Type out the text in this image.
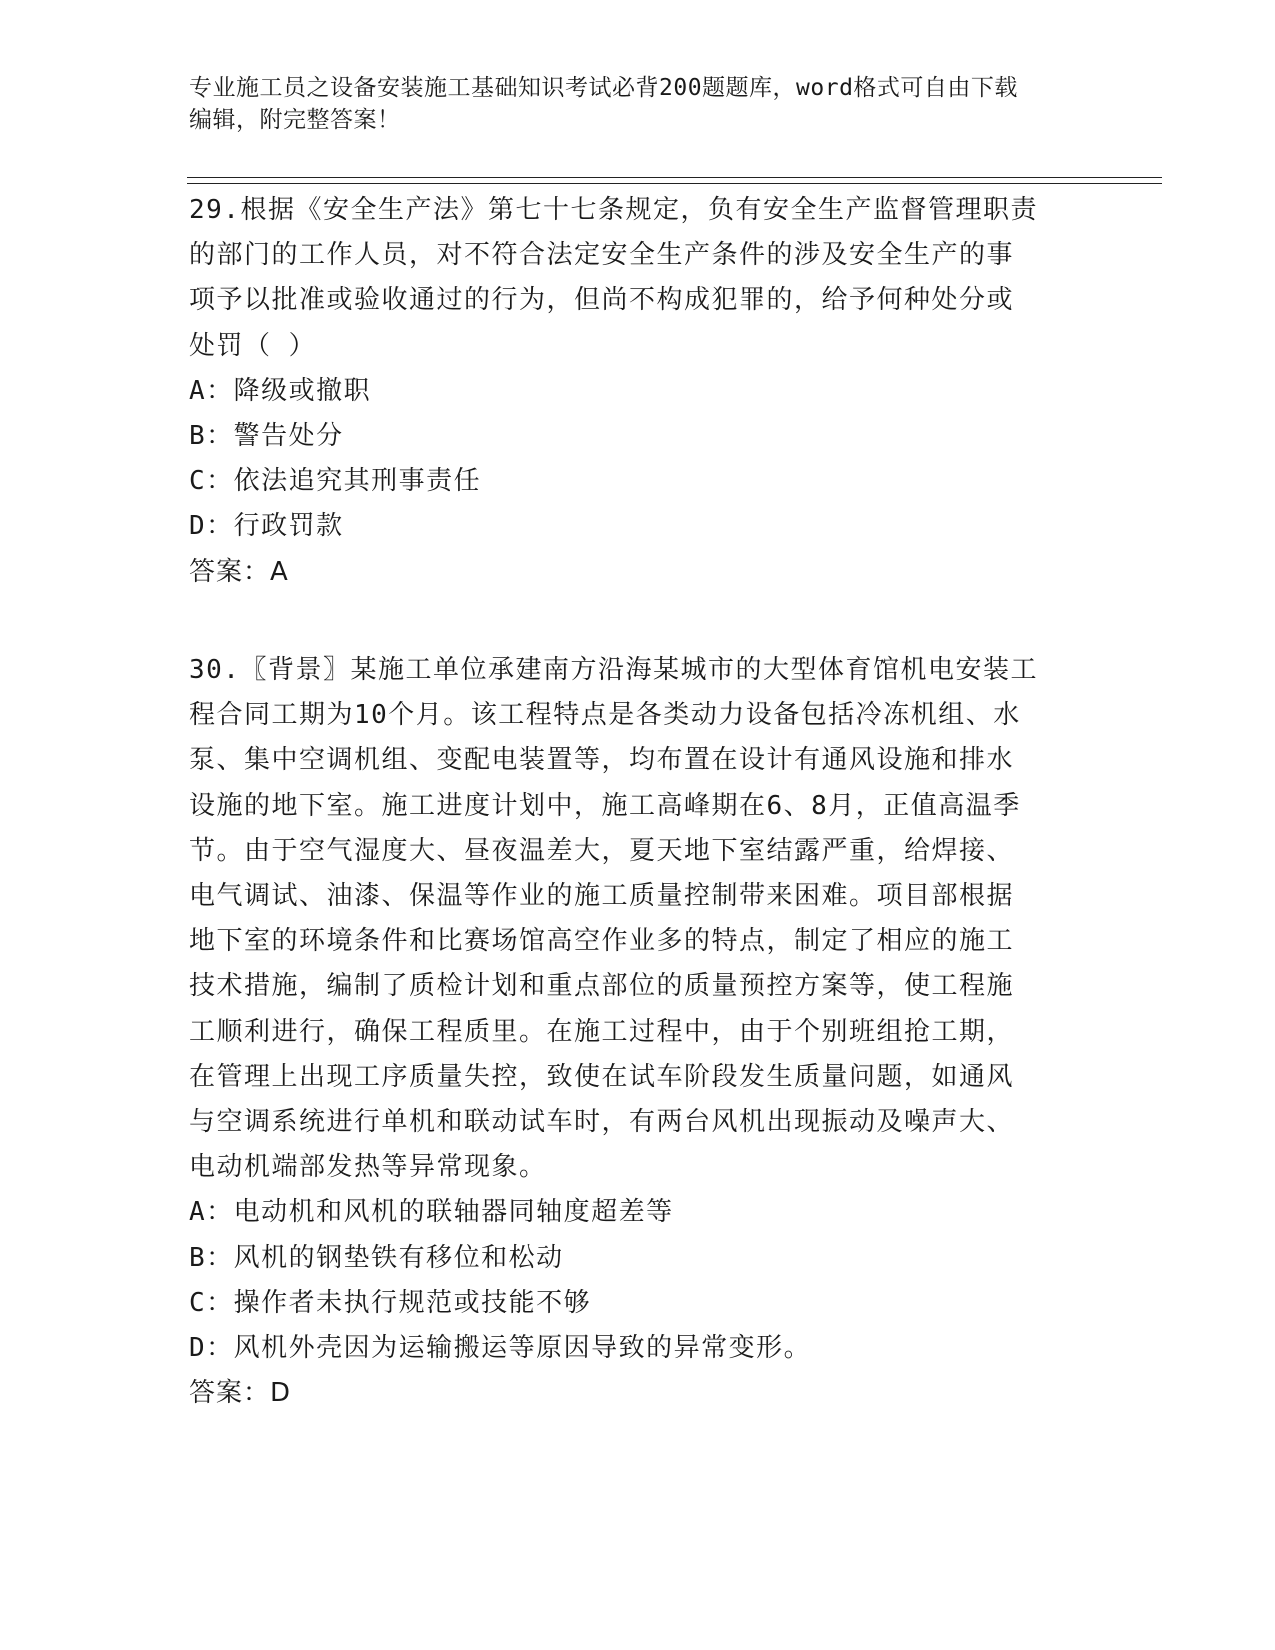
专业施工员之设备安装施工基础知识考试必背200题题库，word格式可自由下载
编辑，附完整答案！

29.根据《安全生产法》第七十七条规定，负有安全生产监督管理职责

的部门的工作人员，对不符合法定安全生产条件的涉及安全生产的事

项予以批准或验收通过的行为，但尚不构成犯罪的，给予何种处分或

处罚（ ）

A：降级或撤职

B：警告处分

C：依法追究其刑事责任

D：行政罚款

答案：A

30.〖背景〗某施工单位承建南方沿海某城市的大型体育馆机电安装工

程合同工期为10个月。该工程特点是各类动力设备包括冷冻机组、水

泵、集中空调机组、变配电装置等，均布置在设计有通风设施和排水

设施的地下室。施工进度计划中，施工高峰期在6、8月，正值高温季

节。由于空气湿度大、昼夜温差大，夏天地下室结露严重，给焊接、

电气调试、油漆、保温等作业的施工质量控制带来困难。项目部根据

地下室的环境条件和比赛场馆高空作业多的特点，制定了相应的施工

技术措施，编制了质检计划和重点部位的质量预控方案等，使工程施

工顺利进行，确保工程质里。在施工过程中，由于个别班组抢工期，

在管理上出现工序质量失控，致使在试车阶段发生质量问题，如通风

与空调系统进行单机和联动试车时，有两台风机出现振动及噪声大、

电动机端部发热等异常现象。

A：电动机和风机的联轴器同轴度超差等

B：风机的钢垫铁有移位和松动

C：操作者未执行规范或技能不够

D：风机外壳因为运输搬运等原因导致的异常变形。

答案：D
